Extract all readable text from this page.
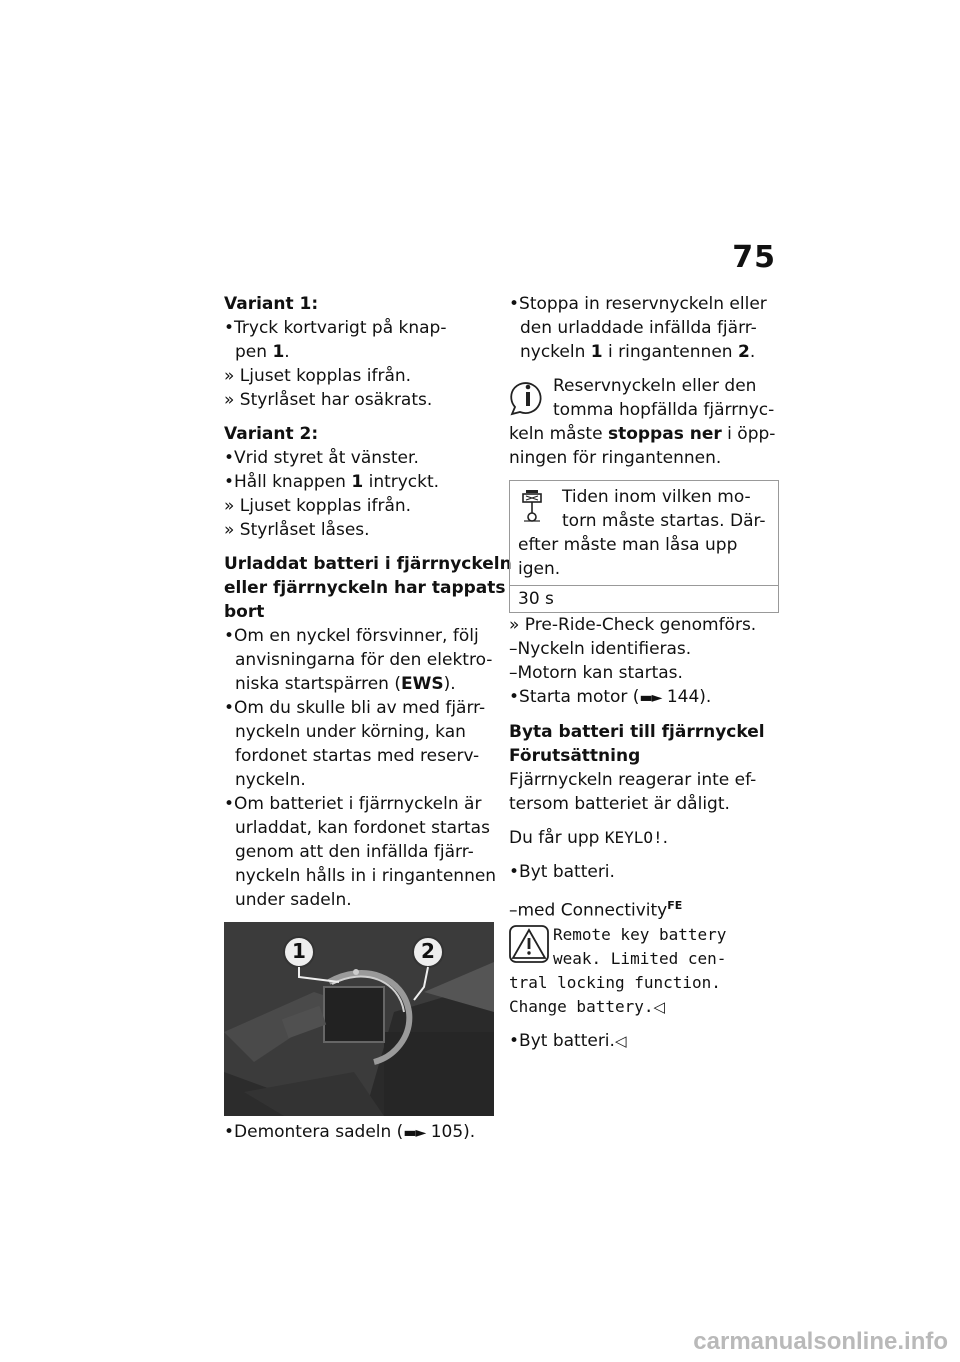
75
Variant 1:
•Tryck kortvarigt på knap-
pen 1.
» Ljuset kopplas ifrån.
» Styrlåset har osäkrats.
Variant 2:
•Vrid styret åt vänster.
•Håll knappen 1 intryckt.
» Ljuset kopplas ifrån.
» Styrlåset låses.
Urladdat batteri i fjärrnyckeln
eller fjärrnyckeln har tappats
bort
•Om en nyckel försvinner, följ
anvisningarna för den elektro-
niska startspärren (EWS).
•Om du skulle bli av med fjärr-
nyckeln under körning, kan
fordonet startas med reserv-
nyckeln.
•Om batteriet i fjärrnyckeln är
urladdat, kan fordonet startas
genom att den infällda fjärr-
nyckeln hålls in i ringantennen
under sadeln.
1	2
•Demontera sadeln (▬► 105).
•Stoppa in reservnyckeln eller
den urladdade infällda fjärr-
nyckeln 1 i ringantennen 2.
Reservnyckeln eller den
tomma hopfällda fjärrnyc-
keln måste stoppas ner i öpp-
ningen för ringantennen.
Tiden inom vilken mo-
torn måste startas. Där-
efter måste man låsa upp
igen.
30 s
» Pre-Ride-Check genomförs.
–Nyckeln identifieras.
–Motorn kan startas.
•Starta motor (▬► 144).
Byta batteri till fjärrnyckel
Förutsättning
Fjärrnyckeln reagerar inte ef-
tersom batteriet är dåligt.
Du får upp KEYLO!.
•Byt batteri.
–med Connectivity$^{FE}$
Remote key battery
weak. Limited cen-
tral locking function.
Change battery.◁
•Byt batteri.◁
carmanualsonline.info
